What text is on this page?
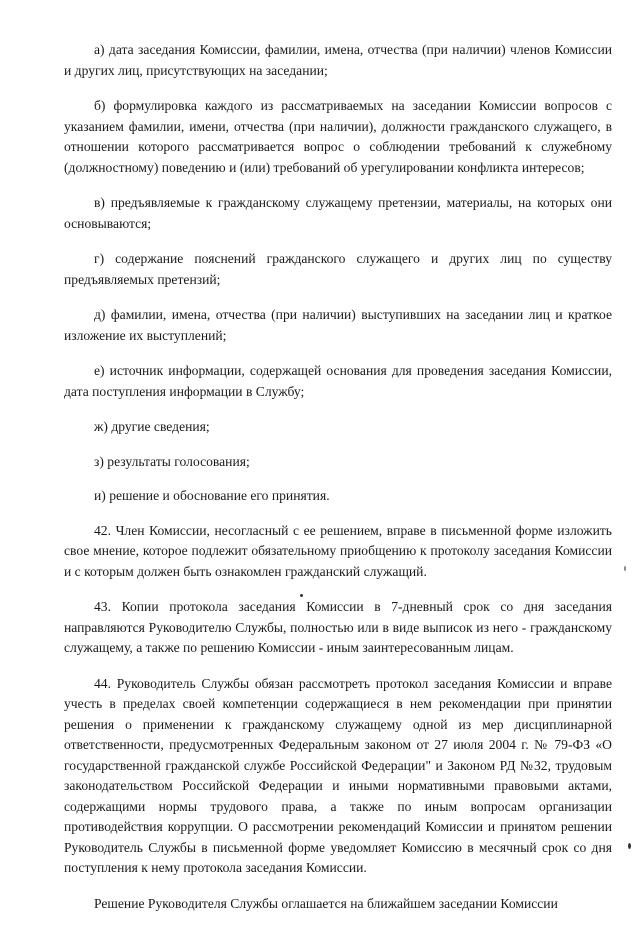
а) дата заседания Комиссии, фамилии, имена, отчества (при наличии) членов Комиссии и других лиц, присутствующих на заседании;

б) формулировка каждого из рассматриваемых на заседании Комиссии вопросов с указанием фамилии, имени, отчества (при наличии), должности гражданского служащего, в отношении которого рассматривается вопрос о соблюдении требований к служебному (должностному) поведению и (или) требований об урегулировании конфликта интересов;

в) предъявляемые к гражданскому служащему претензии, материалы, на которых они основываются;

г) содержание пояснений гражданского служащего и других лиц по существу предъявляемых претензий;

д) фамилии, имена, отчества (при наличии) выступивших на заседании лиц и краткое изложение их выступлений;

е) источник информации, содержащей основания для проведения заседания Комиссии, дата поступления информации в Службу;

ж) другие сведения;

з) результаты голосования;

и) решение и обоснование его принятия.

42. Член Комиссии, несогласный с ее решением, вправе в письменной форме изложить свое мнение, которое подлежит обязательному приобщению к протоколу заседания Комиссии и с которым должен быть ознакомлен гражданский служащий.

43. Копии протокола заседания Комиссии в 7-дневный срок со дня заседания направляются Руководителю Службы, полностью или в виде выписок из него - гражданскому служащему, а также по решению Комиссии - иным заинтересованным лицам.

44. Руководитель Службы обязан рассмотреть протокол заседания Комиссии и вправе учесть в пределах своей компетенции содержащиеся в нем рекомендации при принятии решения о применении к гражданскому служащему одной из мер дисциплинарной ответственности, предусмотренных Федеральным законом от 27 июля 2004 г. № 79-ФЗ «О государственной гражданской службе Российской Федерации" и Законом РД №32, трудовым законодательством Российской Федерации и иными нормативными правовыми актами, содержащими нормы трудового права, а также по иным вопросам организации противодействия коррупции. О рассмотрении рекомендаций Комиссии и принятом решении Руководитель Службы в письменной форме уведомляет Комиссию в месячный срок со дня поступления к нему протокола заседания Комиссии.

Решение Руководителя Службы оглашается на ближайшем заседании Комиссии
